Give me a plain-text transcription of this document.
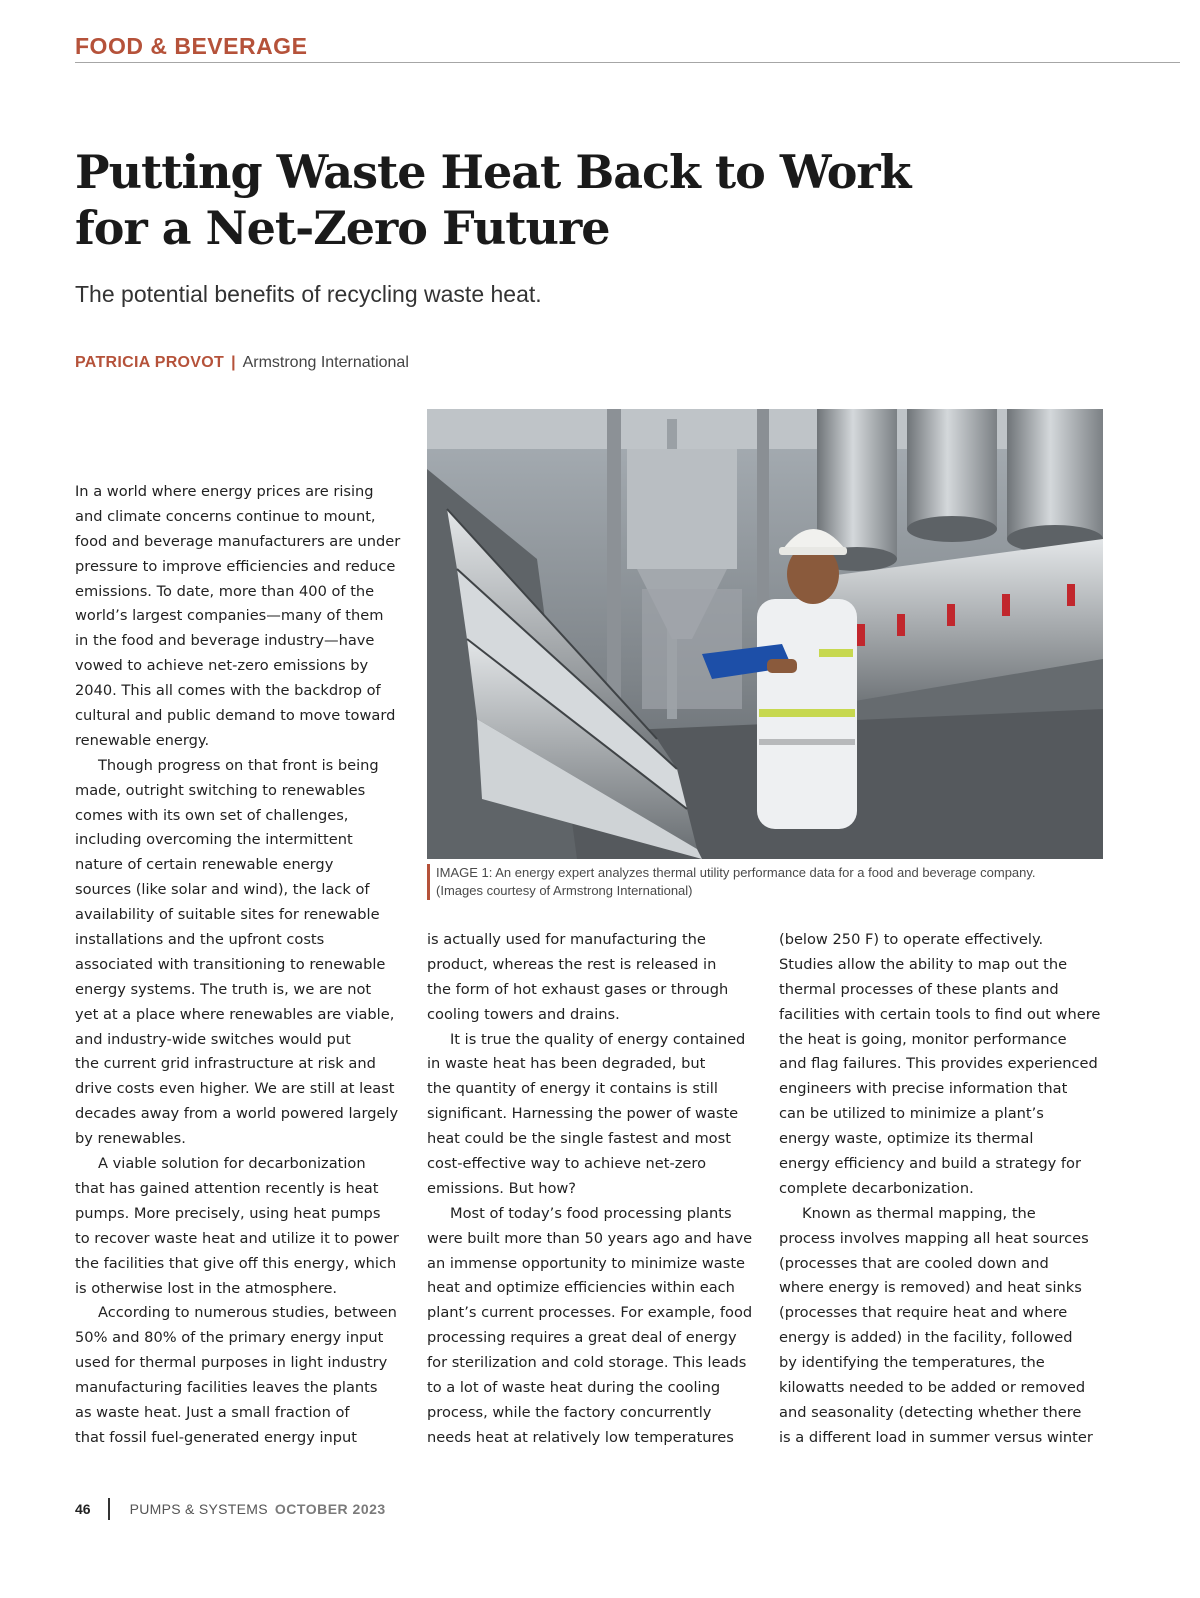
FOOD & BEVERAGE
Putting Waste Heat Back to Work
for a Net-Zero Future

The potential benefits of recycling waste heat.

PATRICIA PROVOT | Armstrong International
IMAGE 1: An energy expert analyzes thermal utility performance data for a food and beverage company.
(Images courtesy of Armstrong International)
In a world where energy prices are rising
and climate concerns continue to mount,
food and beverage manufacturers are under
pressure to improve efficiencies and reduce
emissions. To date, more than 400 of the
world’s largest companies—many of them
in the food and beverage industry—have
vowed to achieve net-zero emissions by
2040. This all comes with the backdrop of
cultural and public demand to move toward
renewable energy.
Though progress on that front is being
made, outright switching to renewables
comes with its own set of challenges,
including overcoming the intermittent
nature of certain renewable energy
sources (like solar and wind), the lack of
availability of suitable sites for renewable
installations and the upfront costs
associated with transitioning to renewable
energy systems. The truth is, we are not
yet at a place where renewables are viable,
and industry-wide switches would put
the current grid infrastructure at risk and
drive costs even higher. We are still at least
decades away from a world powered largely
by renewables.
A viable solution for decarbonization
that has gained attention recently is heat
pumps. More precisely, using heat pumps
to recover waste heat and utilize it to power
the facilities that give off this energy, which
is otherwise lost in the atmosphere.
According to numerous studies, between
50% and 80% of the primary energy input
used for thermal purposes in light industry
manufacturing facilities leaves the plants
as waste heat. Just a small fraction of
that fossil fuel-generated energy input
is actually used for manufacturing the
product, whereas the rest is released in
the form of hot exhaust gases or through
cooling towers and drains.
It is true the quality of energy contained
in waste heat has been degraded, but
the quantity of energy it contains is still
significant. Harnessing the power of waste
heat could be the single fastest and most
cost-effective way to achieve net-zero
emissions. But how?
Most of today’s food processing plants
were built more than 50 years ago and have
an immense opportunity to minimize waste
heat and optimize efficiencies within each
plant’s current processes. For example, food
processing requires a great deal of energy
for sterilization and cold storage. This leads
to a lot of waste heat during the cooling
process, while the factory concurrently
needs heat at relatively low temperatures
(below 250 F) to operate effectively.
Studies allow the ability to map out the
thermal processes of these plants and
facilities with certain tools to find out where
the heat is going, monitor performance
and flag failures. This provides experienced
engineers with precise information that
can be utilized to minimize a plant’s
energy waste, optimize its thermal
energy efficiency and build a strategy for
complete decarbonization.
Known as thermal mapping, the
process involves mapping all heat sources
(processes that are cooled down and
where energy is removed) and heat sinks
(processes that require heat and where
energy is added) in the facility, followed
by identifying the temperatures, the
kilowatts needed to be added or removed
and seasonality (detecting whether there
is a different load in summer versus winter
46	PUMPS & SYSTEMS OCTOBER 2023
